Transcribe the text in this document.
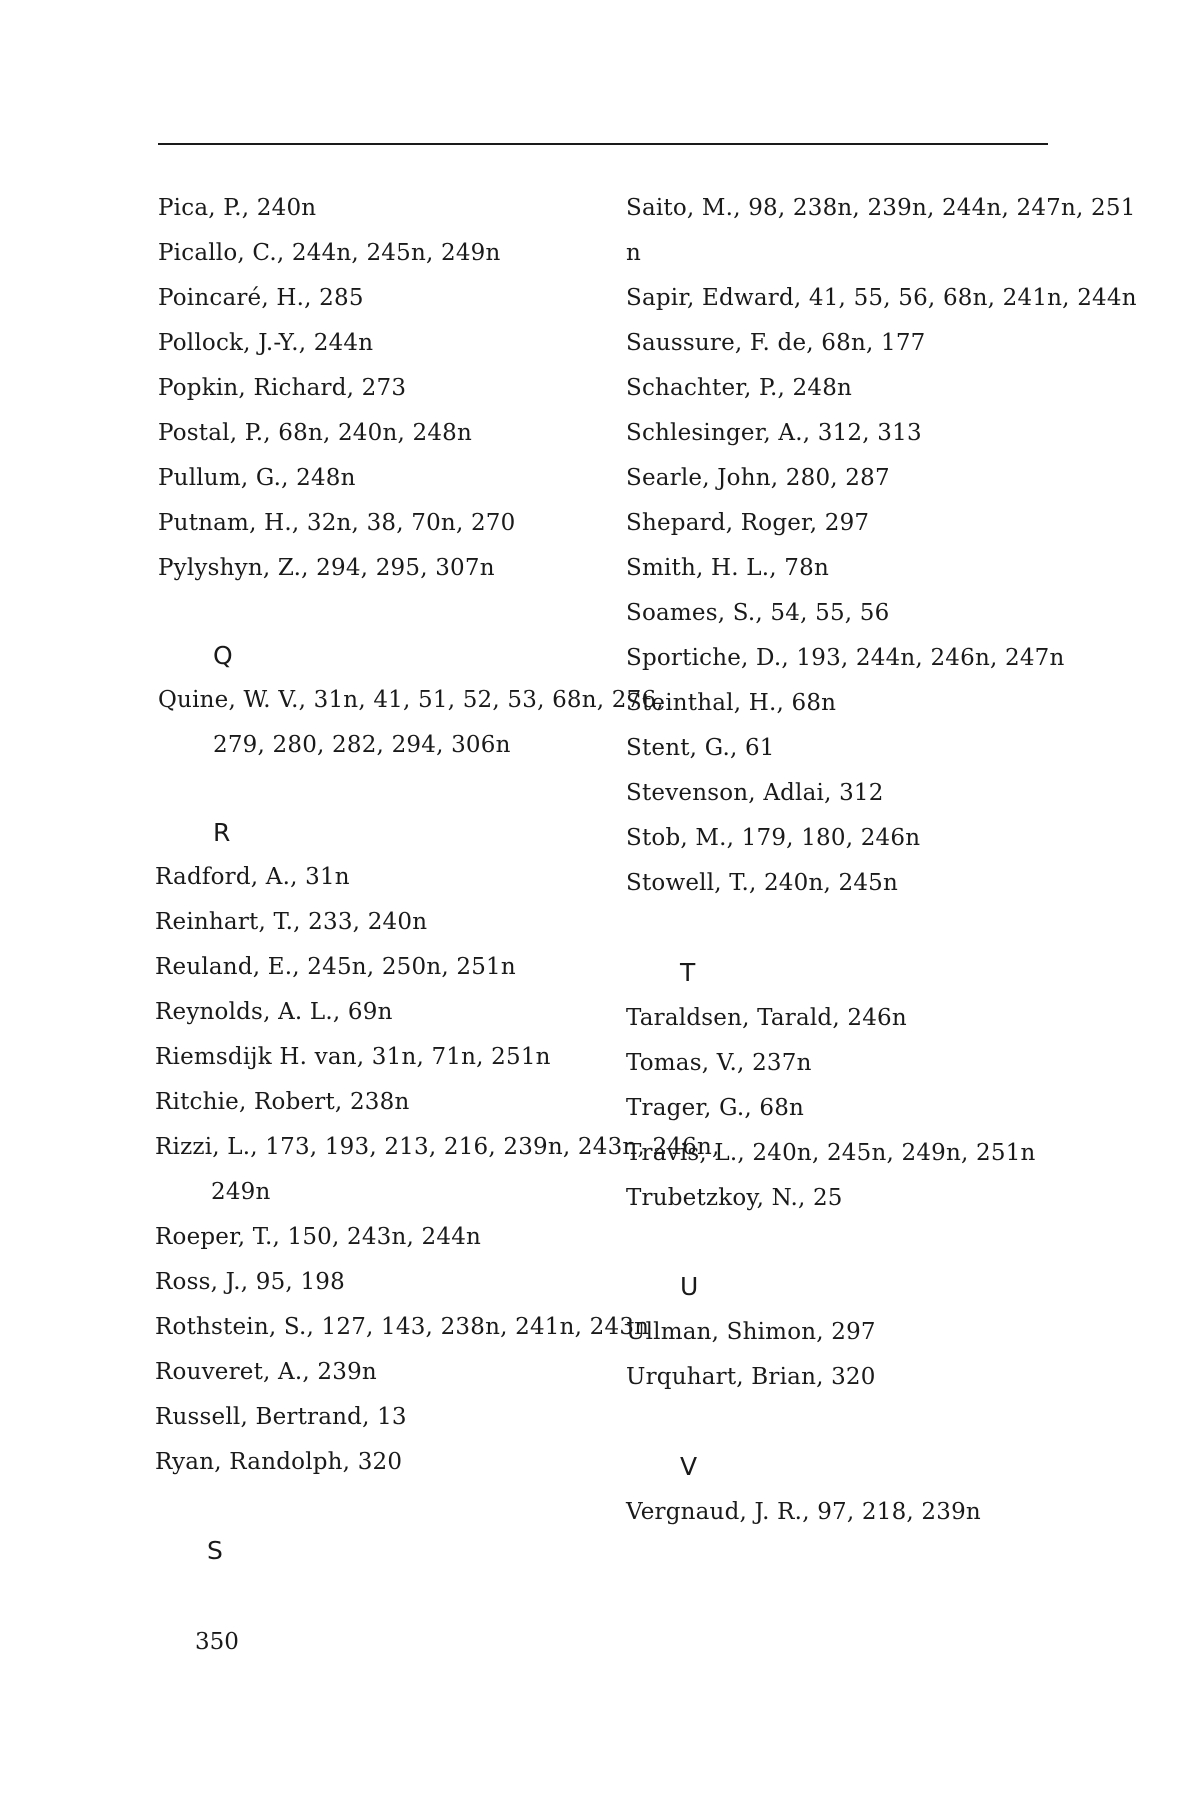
Pica, P., 240n
Picallo, C., 244n, 245n, 249n
Poincaré, H., 285
Pollock, J.-Y., 244n
Popkin, Richard, 273
Postal, P., 68n, 240n, 248n
Pullum, G., 248n
Putnam, H., 32n, 38, 70n, 270
Pylyshyn, Z., 294, 295, 307n
Q
Quine, W. V., 31n, 41, 51, 52, 53, 68n, 276,
279, 280, 282, 294, 306n
R
Radford, A., 31n
Reinhart, T., 233, 240n
Reuland, E., 245n, 250n, 251n
Reynolds, A. L., 69n
Riemsdijk H. van, 31n, 71n, 251n
Ritchie, Robert, 238n
Rizzi, L., 173, 193, 213, 216, 239n, 243n, 246n,
249n
Roeper, T., 150, 243n, 244n
Ross, J., 95, 198
Rothstein, S., 127, 143, 238n, 241n, 243n
Rouveret, A., 239n
Russell, Bertrand, 13
Ryan, Randolph, 320
S
Saito, M., 98, 238n, 239n, 244n, 247n, 251
n
Sapir, Edward, 41, 55, 56, 68n, 241n, 244n
Saussure, F. de, 68n, 177
Schachter, P., 248n
Schlesinger, A., 312, 313
Searle, John, 280, 287
Shepard, Roger, 297
Smith, H. L., 78n
Soames, S., 54, 55, 56
Sportiche, D., 193, 244n, 246n, 247n
Steinthal, H., 68n
Stent, G., 61
Stevenson, Adlai, 312
Stob, M., 179, 180, 246n
Stowell, T., 240n, 245n
T
Taraldsen, Tarald, 246n
Tomas, V., 237n
Trager, G., 68n
Travis, L., 240n, 245n, 249n, 251n
Trubetzkoy, N., 25
U
Ullman, Shimon, 297
Urquhart, Brian, 320
V
Vergnaud, J. R., 97, 218, 239n
350
